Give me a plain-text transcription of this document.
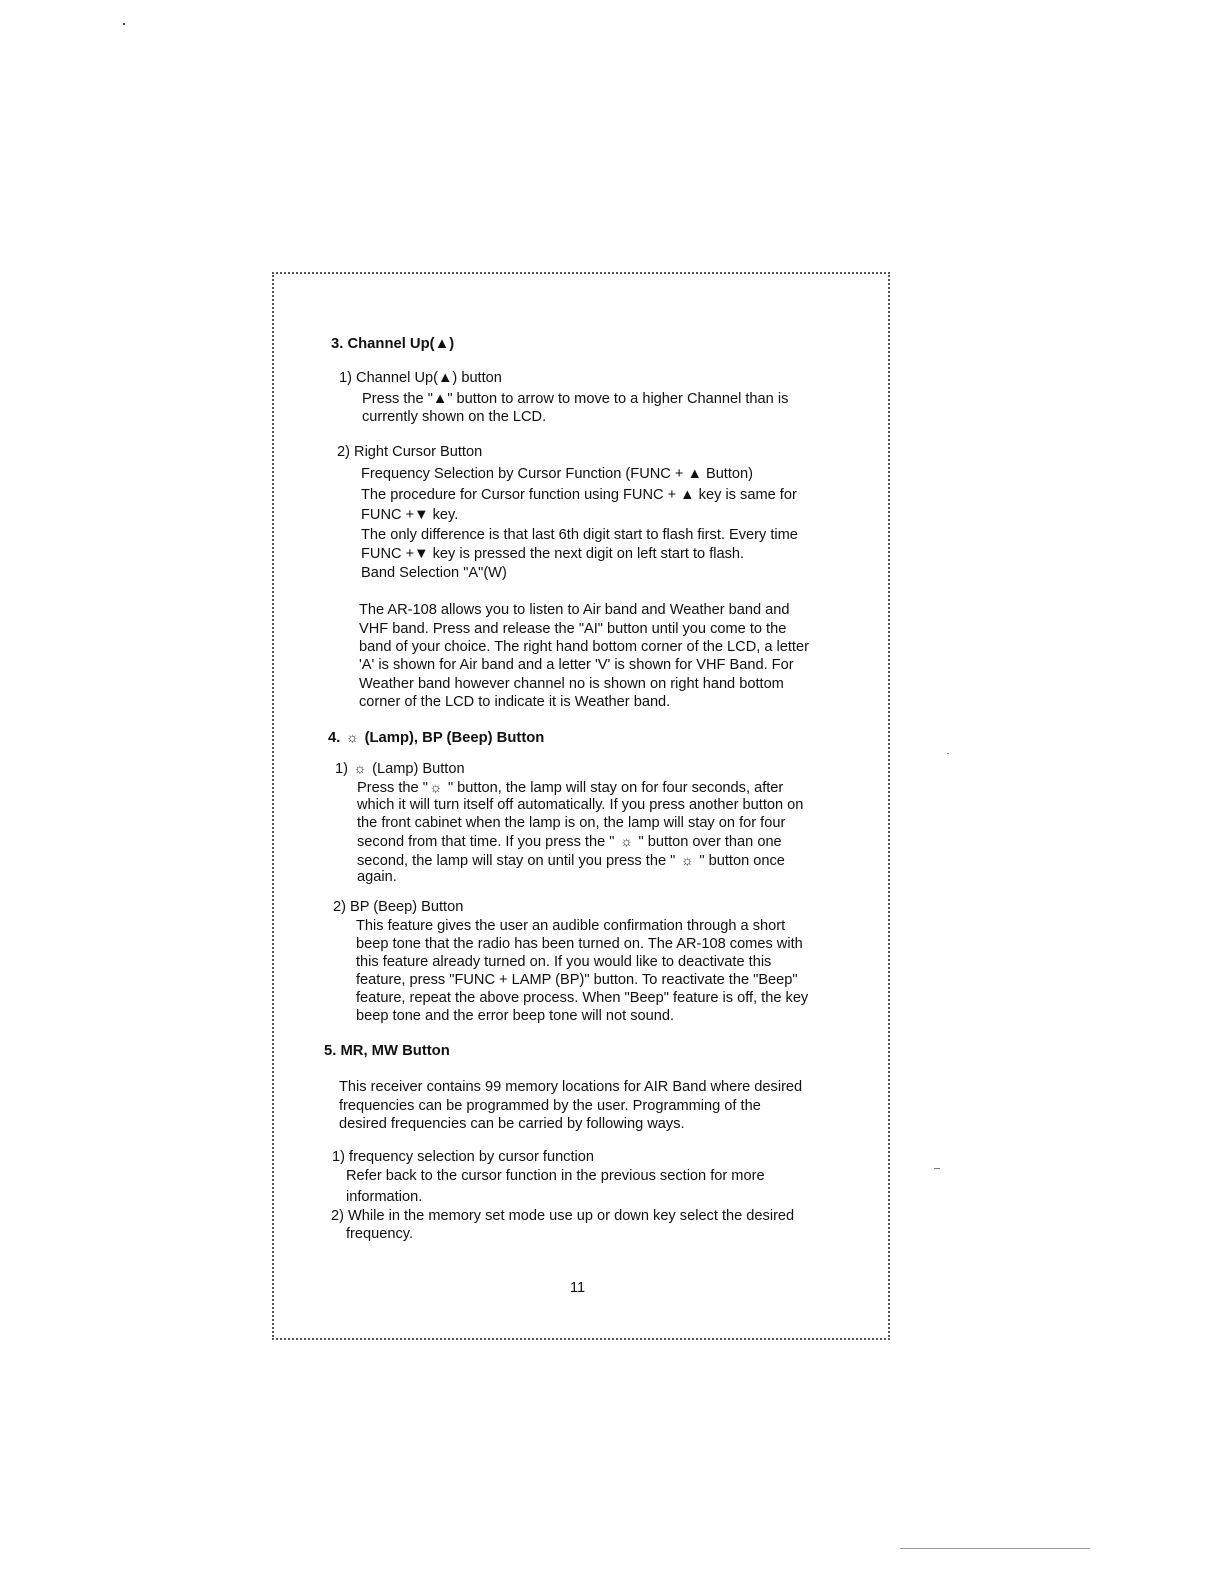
3. Channel Up(▲)
1) Channel Up(▲) button
Press the "▲" button to arrow to move to a higher Channel than is
currently shown on the LCD.
2) Right Cursor Button
Frequency Selection by Cursor Function (FUNC + ▲ Button)
The procedure for Cursor function using FUNC + ▲ key is same for
FUNC +▼ key.
The only difference is that last 6th digit start to flash first. Every time
FUNC +▼ key is pressed the next digit on left start to flash.
Band Selection "A"(W)
The AR-108 allows you to listen to Air band and Weather band and
VHF band. Press and release the "AI" button until you come to the
band of your choice. The right hand bottom corner of the LCD, a letter
'A' is shown for Air band and a letter 'V' is shown for VHF Band. For
Weather band however channel no is shown on right hand bottom
corner of the LCD to indicate it is Weather band.
4. ☼ (Lamp), BP (Beep) Button
1) ☼ (Lamp) Button
Press the " ☼ " button, the lamp will stay on for four seconds, after
which it will turn itself off automatically. If you press another button on
the front cabinet when the lamp is on, the lamp will stay on for four
second from that time. If you press the " ☼ " button over than one
second, the lamp will stay on until you press the " ☼ " button once
again.
2) BP (Beep) Button
This feature gives the user an audible confirmation through a short
beep tone that the radio has been turned on. The AR-108 comes with
this feature already turned on. If you would like to deactivate this
feature, press "FUNC + LAMP (BP)" button. To reactivate the "Beep"
feature, repeat the above process. When "Beep" feature is off, the key
beep tone and the error beep tone will not sound.
5. MR, MW Button
This receiver contains 99 memory locations for AIR Band where desired
frequencies can be programmed by the user. Programming of the
desired frequencies can be carried by following ways.
1) frequency selection by cursor function
Refer back to the cursor function in the previous section for more
information.
2) While in the memory set mode use up or down key select the desired
frequency.
11
